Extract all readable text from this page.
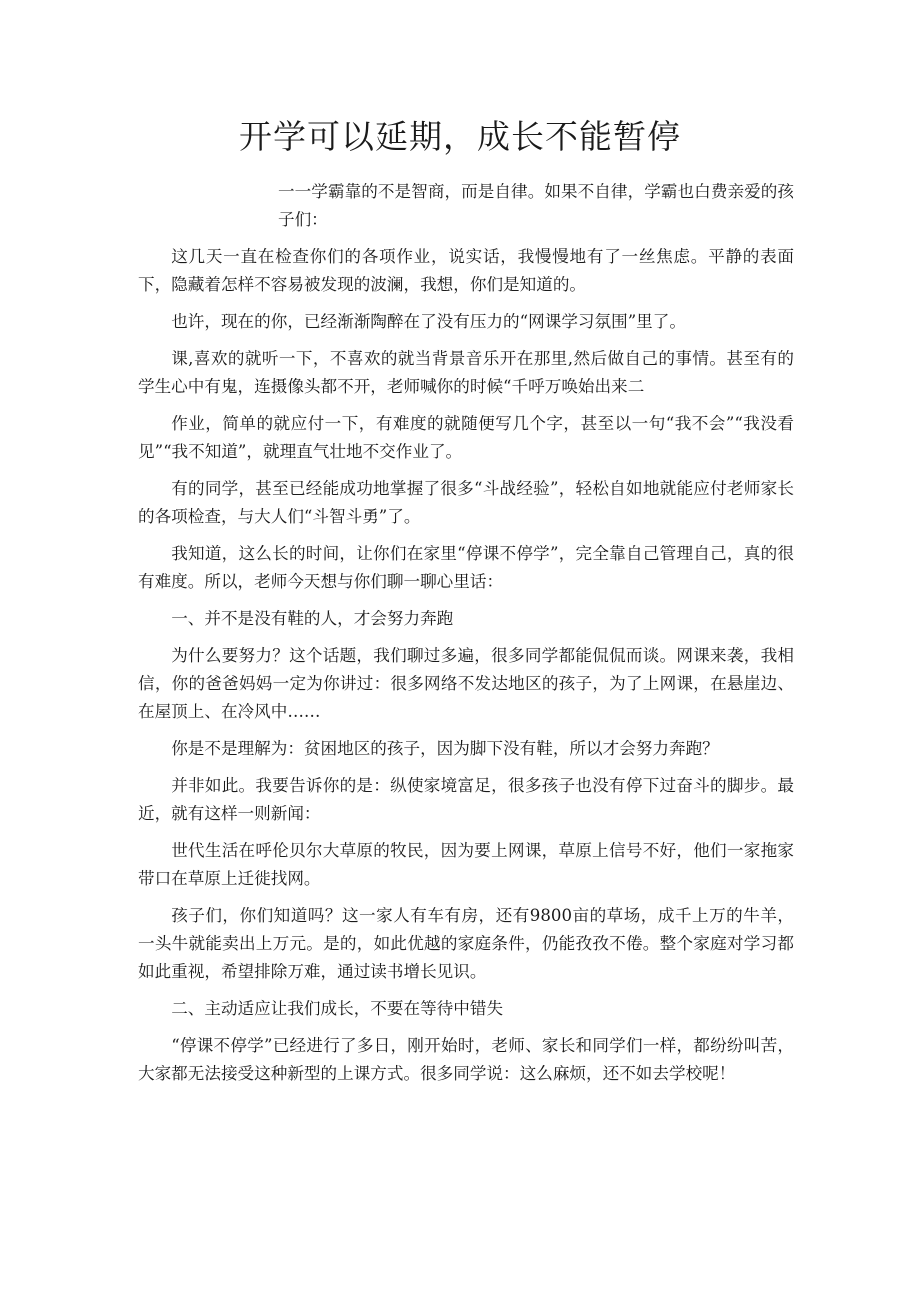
开学可以延期，成长不能暂停

一一学霸靠的不是智商，而是自律。如果不自律，学霸也白费亲爱的孩子们：

这几天一直在检查你们的各项作业，说实话，我慢慢地有了一丝焦虑。平静的表面下，隐藏着怎样不容易被发现的波澜，我想，你们是知道的。

也许，现在的你，已经渐渐陶醉在了没有压力的“网课学习氛围”里了。

课,喜欢的就听一下，不喜欢的就当背景音乐开在那里,然后做自己的事情。甚至有的学生心中有鬼，连摄像头都不开，老师喊你的时候“千呼万唤始出来二

作业，简单的就应付一下，有难度的就随便写几个字，甚至以一句“我不会”“我没看见”“我不知道”，就理直气壮地不交作业了。

有的同学，甚至已经能成功地掌握了很多“斗战经验”，轻松自如地就能应付老师家长的各项检查，与大人们“斗智斗勇”了。

我知道，这么长的时间，让你们在家里“停课不停学”，完全靠自己管理自己，真的很有难度。所以，老师今天想与你们聊一聊心里话：

一、并不是没有鞋的人，才会努力奔跑

为什么要努力？这个话题，我们聊过多遍，很多同学都能侃侃而谈。网课来袭，我相信，你的爸爸妈妈一定为你讲过：很多网络不发达地区的孩子，为了上网课，在悬崖边、在屋顶上、在冷风中……

你是不是理解为：贫困地区的孩子，因为脚下没有鞋，所以才会努力奔跑？

并非如此。我要告诉你的是：纵使家境富足，很多孩子也没有停下过奋斗的脚步。最近，就有这样一则新闻：

世代生活在呼伦贝尔大草原的牧民，因为要上网课，草原上信号不好，他们一家拖家带口在草原上迁徙找网。

孩子们，你们知道吗？这一家人有车有房，还有9800亩的草场，成千上万的牛羊，一头牛就能卖出上万元。是的，如此优越的家庭条件，仍能孜孜不倦。整个家庭对学习都如此重视，希望排除万难，通过读书增长见识。

二、主动适应让我们成长，不要在等待中错失

“停课不停学”已经进行了多日，刚开始时，老师、家长和同学们一样，都纷纷叫苦，大家都无法接受这种新型的上课方式。很多同学说：这么麻烦，还不如去学校呢！
